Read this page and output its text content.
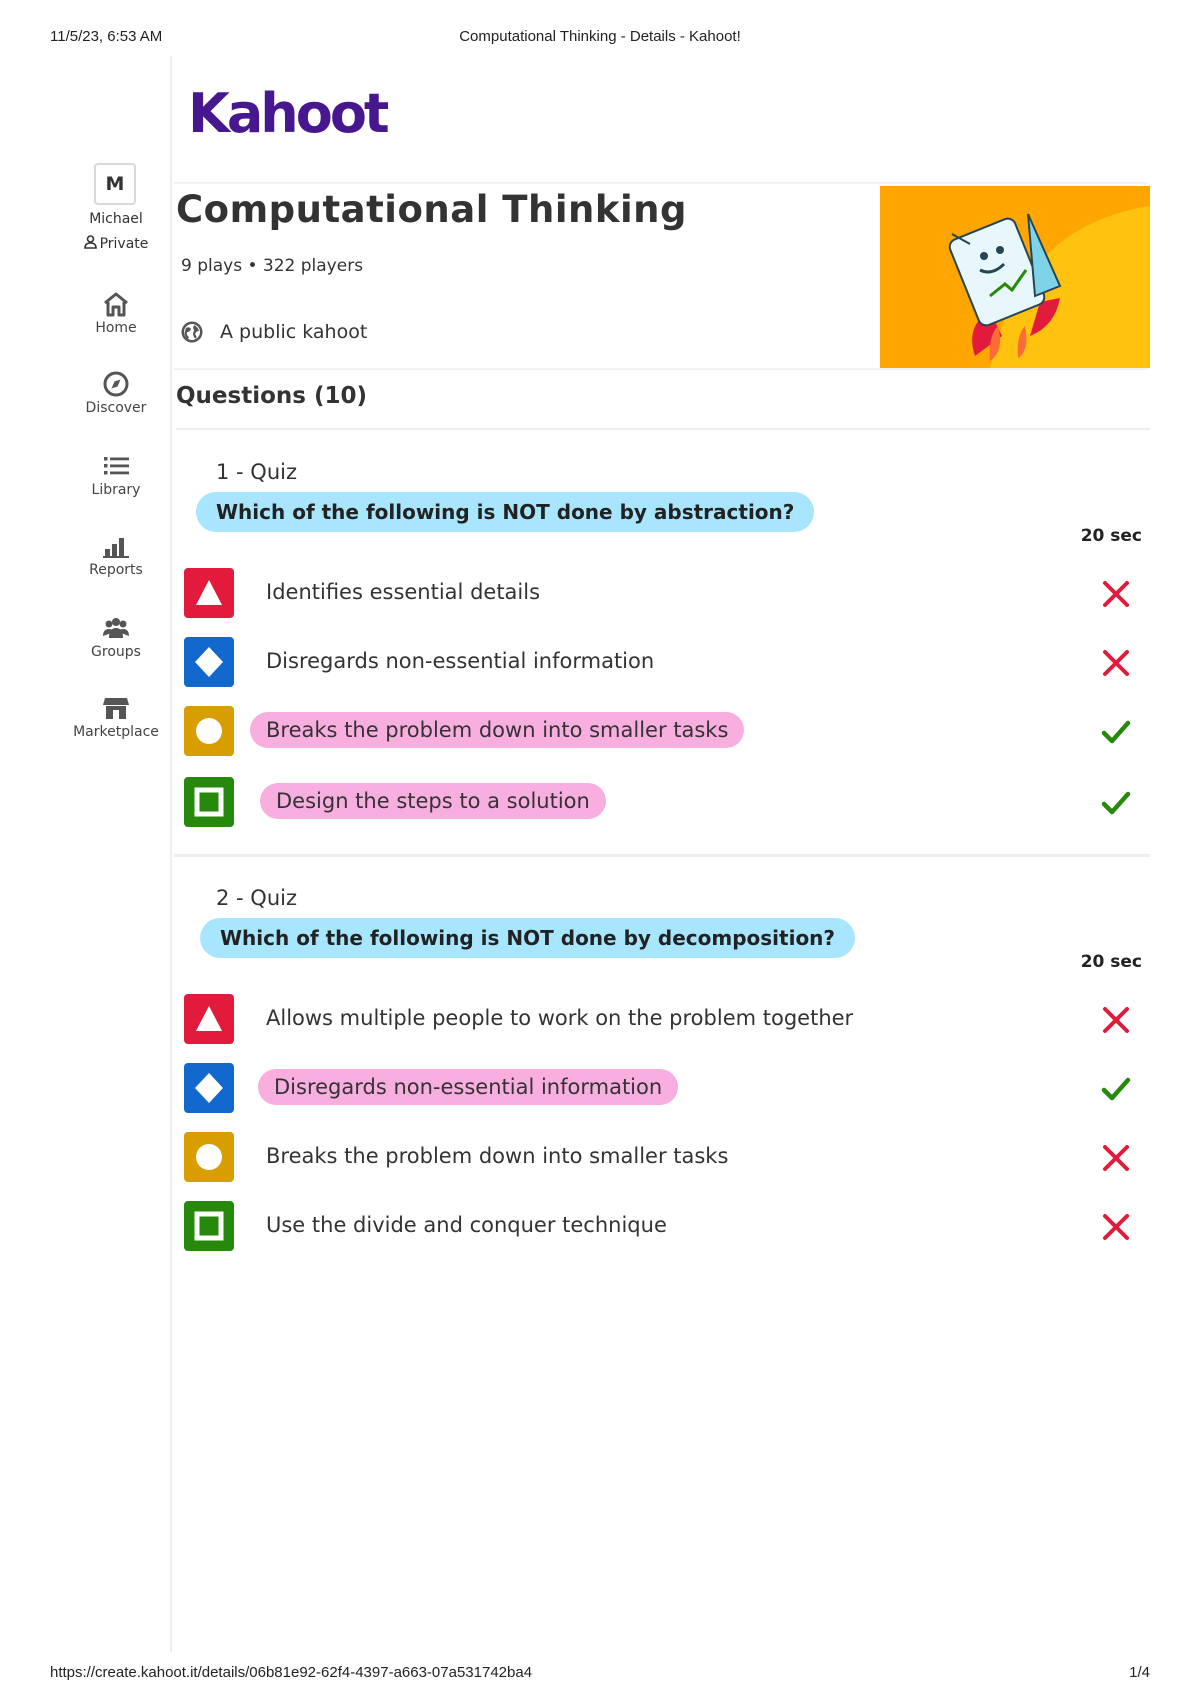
11/5/23, 6:53 AM	Computational Thinking - Details - Kahoot!
https://create.kahoot.it/details/06b81e92-62f4-4397-a663-07a531742ba4	1/4
M
Michael
Private
Home
Discover
Library
Reports
Groups
Marketplace
Kahoot!
Computational Thinking
9 plays • 322 players
A public kahoot
Questions (10)
1 - Quiz
Which of the following is NOT done by abstraction?
20 sec
Identifies essential details
Disregards non-essential information
Breaks the problem down into smaller tasks
Design the steps to a solution
2 - Quiz
Which of the following is NOT done by decomposition?
20 sec
Allows multiple people to work on the problem together
Disregards non-essential information
Breaks the problem down into smaller tasks
Use the divide and conquer technique
